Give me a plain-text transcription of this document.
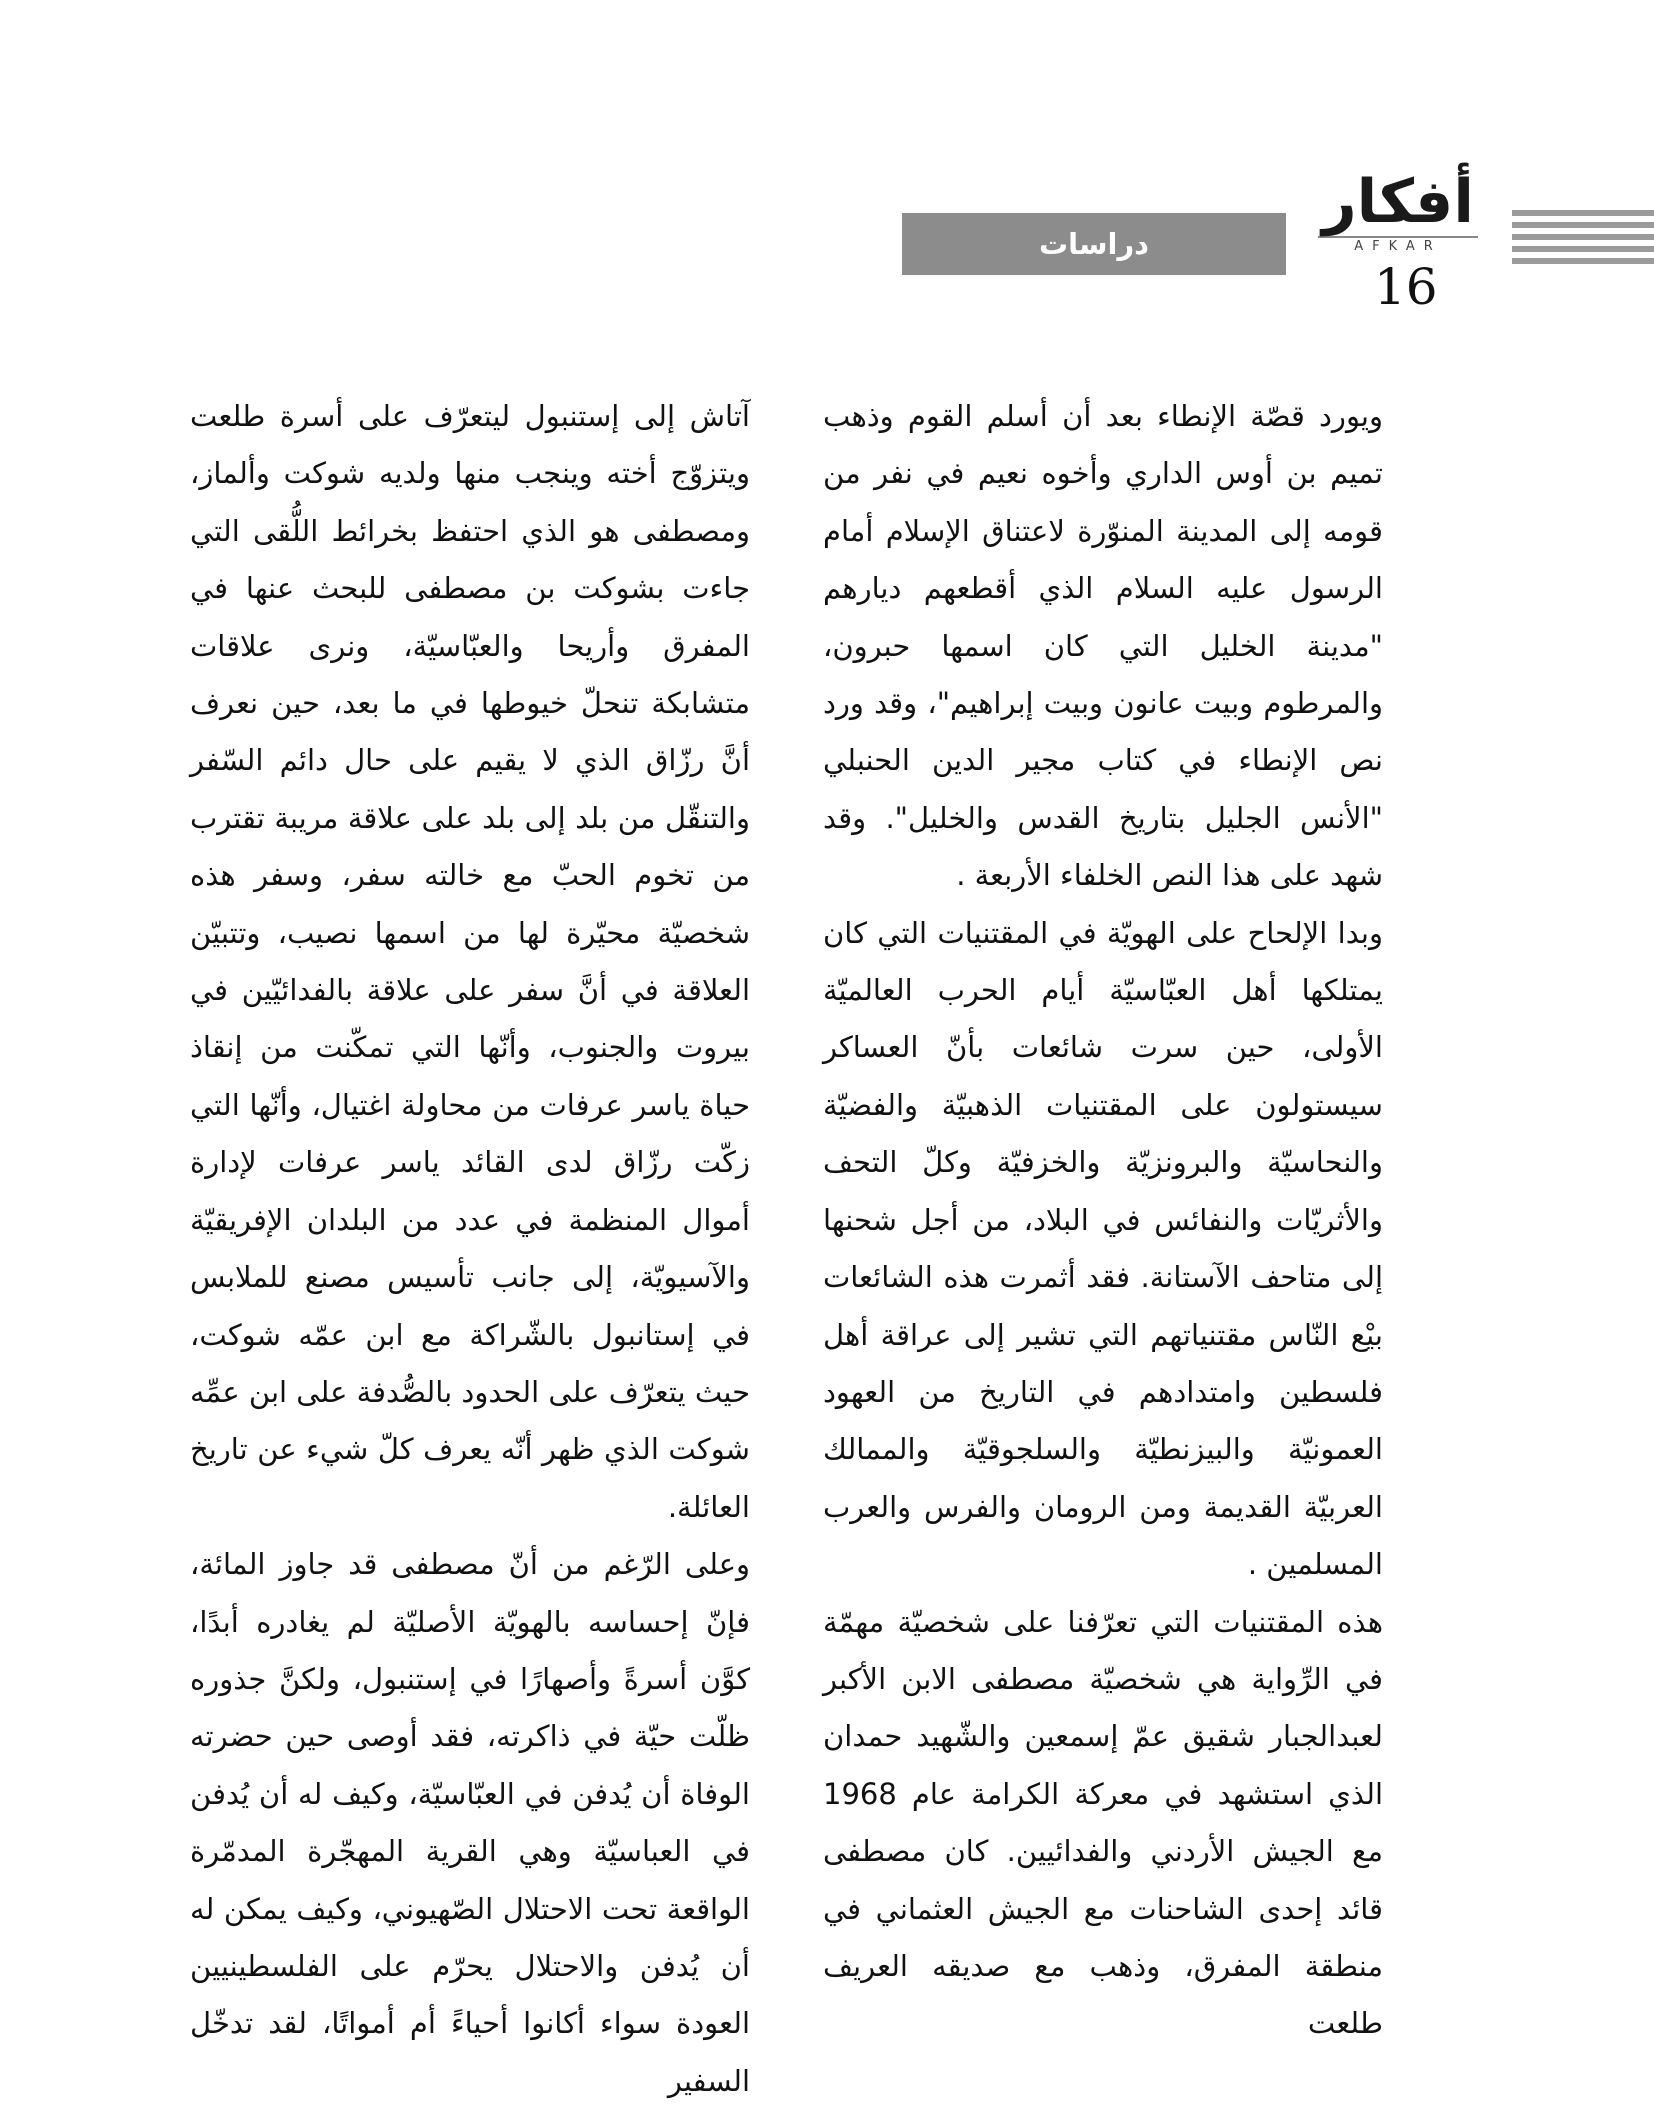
أفكار
AFKAR
دراسات
16

ويورد قصّة الإنطاء بعد أن أسلم القوم وذهب تميم بن أوس الداري وأخوه نعيم في نفر من قومه إلى المدينة المنوّرة لاعتناق الإسلام أمام الرسول عليه السلام الذي أقطعهم ديارهم "مدينة الخليل التي كان اسمها حبرون، والمرطوم وبيت عانون وبيت إبراهيم"، وقد ورد نص الإنطاء في كتاب مجير الدين الحنبلي "الأنس الجليل بتاريخ القدس والخليل". وقد شهد على هذا النص الخلفاء الأربعة .

وبدا الإلحاح على الهويّة في المقتنيات التي كان يمتلكها أهل العبّاسيّة أيام الحرب العالميّة الأولى، حين سرت شائعات بأنّ العساكر سيستولون على المقتنيات الذهبيّة والفضيّة والنحاسيّة والبرونزيّة والخزفيّة وكلّ التحف والأثريّات والنفائس في البلاد، من أجل شحنها إلى متاحف الآستانة. فقد أثمرت هذه الشائعات بيْع النّاس مقتنياتهم التي تشير إلى عراقة أهل فلسطين وامتدادهم في التاريخ من العهود العمونيّة والبيزنطيّة والسلجوقيّة والممالك العربيّة القديمة ومن الرومان والفرس والعرب المسلمين .

هذه المقتنيات التي تعرّفنا على شخصيّة مهمّة في الرِّواية هي شخصيّة مصطفى الابن الأكبر لعبدالجبار شقيق عمّ إسمعين والشّهيد حمدان الذي استشهد في معركة الكرامة عام 1968 مع الجيش الأردني والفدائيين. كان مصطفى قائد إحدى الشاحنات مع الجيش العثماني في منطقة المفرق، وذهب مع صديقه العريف طلعت

آتاش إلى إستنبول ليتعرّف على أسرة طلعت ويتزوّج أخته وينجب منها ولديه شوكت وألماز، ومصطفى هو الذي احتفظ بخرائط اللُّقى التي جاءت بشوكت بن مصطفى للبحث عنها في المفرق وأريحا والعبّاسيّة، ونرى علاقات متشابكة تنحلّ خيوطها في ما بعد، حين نعرف أنَّ رزّاق الذي لا يقيم على حال دائم السّفر والتنقّل من بلد إلى بلد على علاقة مريبة تقترب من تخوم الحبّ مع خالته سفر، وسفر هذه شخصيّة محيّرة لها من اسمها نصيب، وتتبيّن العلاقة في أنَّ سفر على علاقة بالفدائيّين في بيروت والجنوب، وأنّها التي تمكّنت من إنقاذ حياة ياسر عرفات من محاولة اغتيال، وأنّها التي زكّت رزّاق لدى القائد ياسر عرفات لإدارة أموال المنظمة في عدد من البلدان الإفريقيّة والآسيويّة، إلى جانب تأسيس مصنع للملابس في إستانبول بالشّراكة مع ابن عمّه شوكت، حيث يتعرّف على الحدود بالصُّدفة على ابن عمِّه شوكت الذي ظهر أنّه يعرف كلّ شيء عن تاريخ العائلة.

وعلى الرّغم من أنّ مصطفى قد جاوز المائة، فإنّ إحساسه بالهويّة الأصليّة لم يغادره أبدًا، كوَّن أسرةً وأصهارًا في إستنبول، ولكنَّ جذوره ظلّت حيّة في ذاكرته، فقد أوصى حين حضرته الوفاة أن يُدفن في العبّاسيّة، وكيف له أن يُدفن في العباسيّة وهي القرية المهجّرة المدمّرة الواقعة تحت الاحتلال الصّهيوني، وكيف يمكن له أن يُدفن والاحتلال يحرّم على الفلسطينيين العودة سواء أكانوا أحياءً أم أمواتًا، لقد تدخّل السفير
